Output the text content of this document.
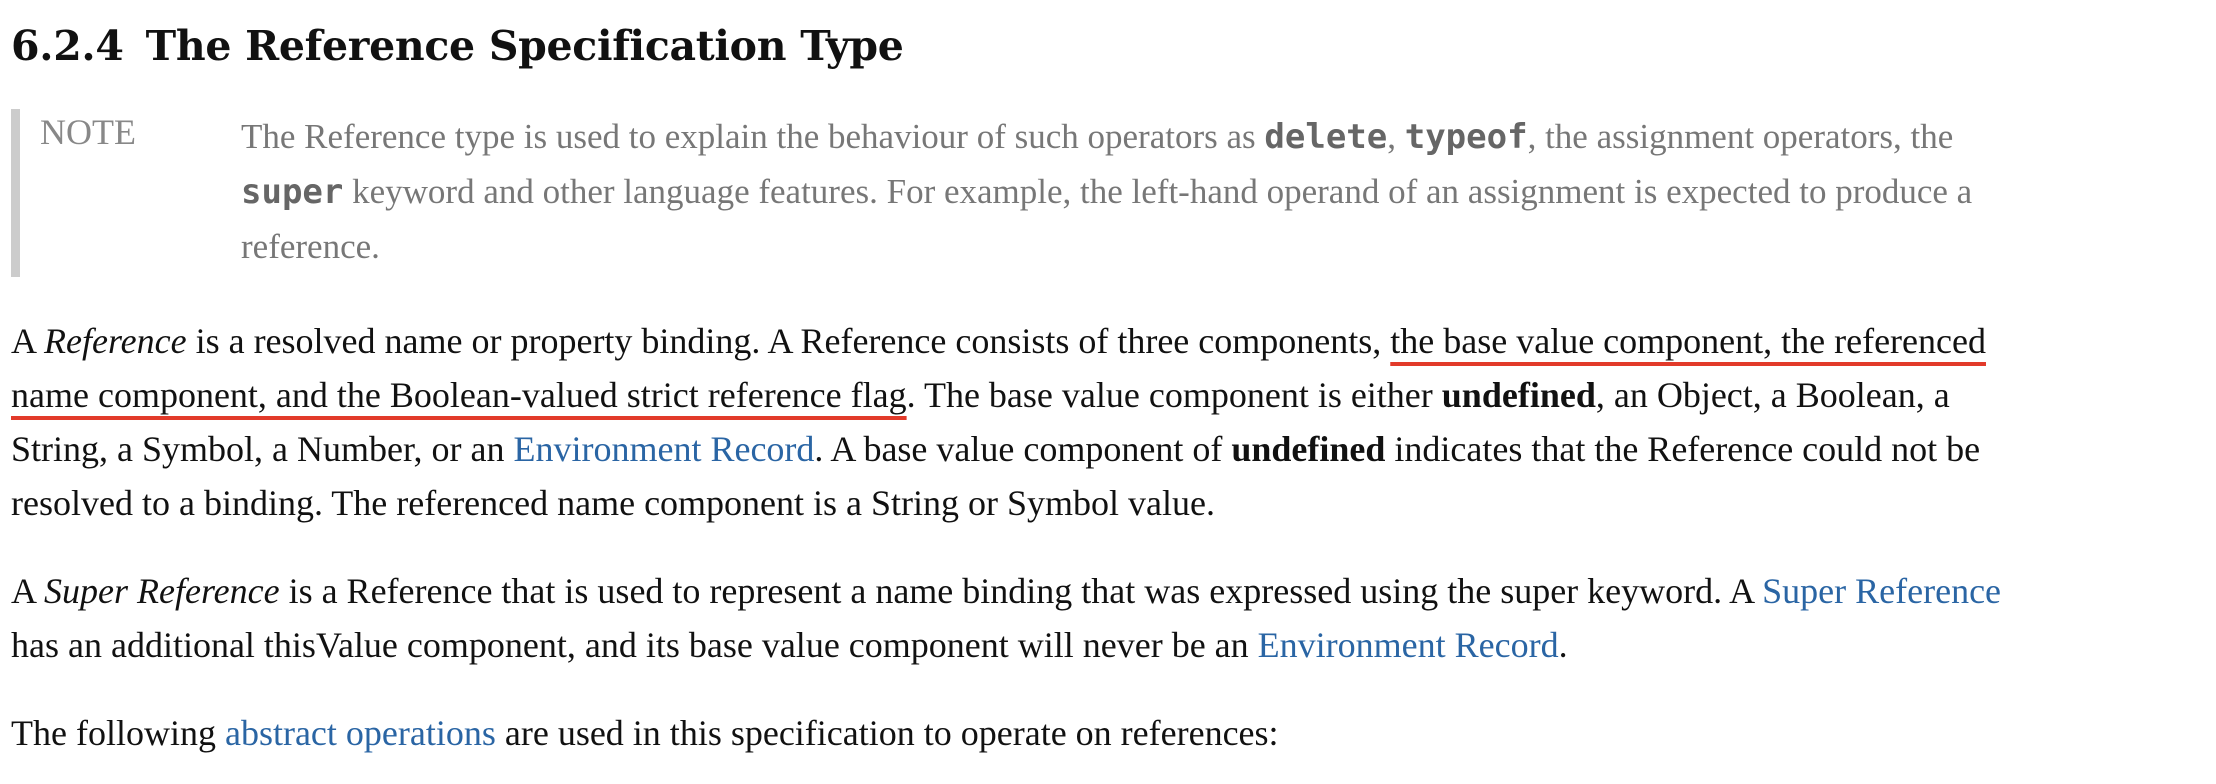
6.2.4 The Reference Specification Type
NOTE	The Reference type is used to explain the behaviour of such operators as delete, typeof, the assignment operators, the
super keyword and other language features. For example, the left-hand operand of an assignment is expected to produce a
reference.

A Reference is a resolved name or property binding. A Reference consists of three components, the base value component, the referenced
name component, and the Boolean-valued strict reference flag. The base value component is either undefined, an Object, a Boolean, a
String, a Symbol, a Number, or an Environment Record. A base value component of undefined indicates that the Reference could not be
resolved to a binding. The referenced name component is a String or Symbol value.

A Super Reference is a Reference that is used to represent a name binding that was expressed using the super keyword. A Super Reference
has an additional thisValue component, and its base value component will never be an Environment Record.

The following abstract operations are used in this specification to operate on references:
